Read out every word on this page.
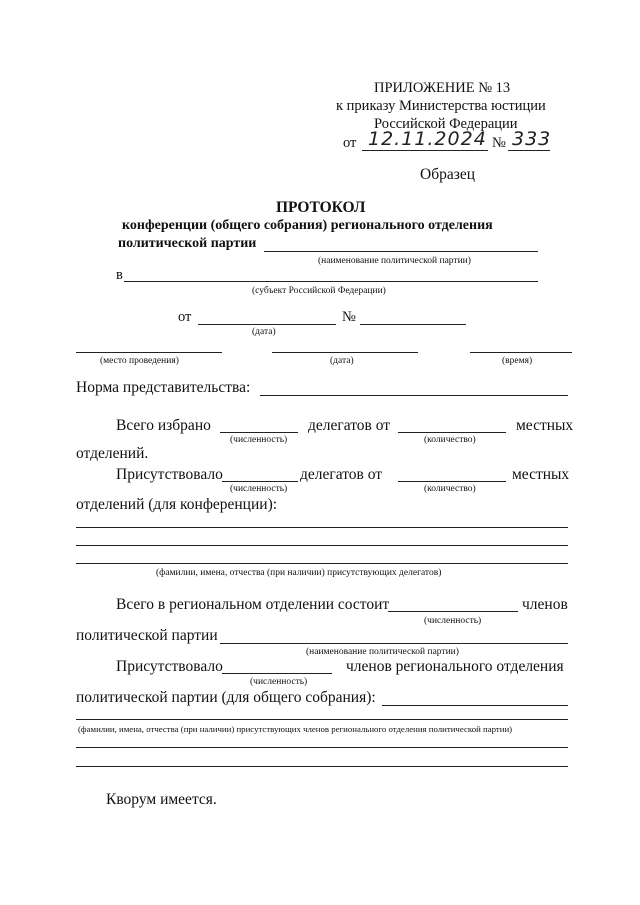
ПРИЛОЖЕНИЕ № 13
к приказу Министерства юстиции
Российской Федерации
от 12.11.2024 № 333
Образец
ПРОТОКОЛ
конференции (общего собрания) регионального отделения
политической партии
(наименование политической партии)
в
(субъект Российской Федерации)
от	№
(дата)
(место проведения)	(дата)	(время)
Норма представительства:
Всего избрано	делегатов от	местных
(численность)	(количество)
отделений.
Присутствовало	делегатов от	местных
(численность)	(количество)
отделений (для конференции):
(фамилии, имена, отчества (при наличии) присутствующих делегатов)
Всего в региональном отделении состоит	членов
(численность)
политической партии
(наименование политической партии)
Присутствовало	членов регионального отделения
(численность)
политической партии (для общего собрания):
(фамилии, имена, отчества (при наличии) присутствующих членов регионального отделения политической партии)
Кворум имеется.
